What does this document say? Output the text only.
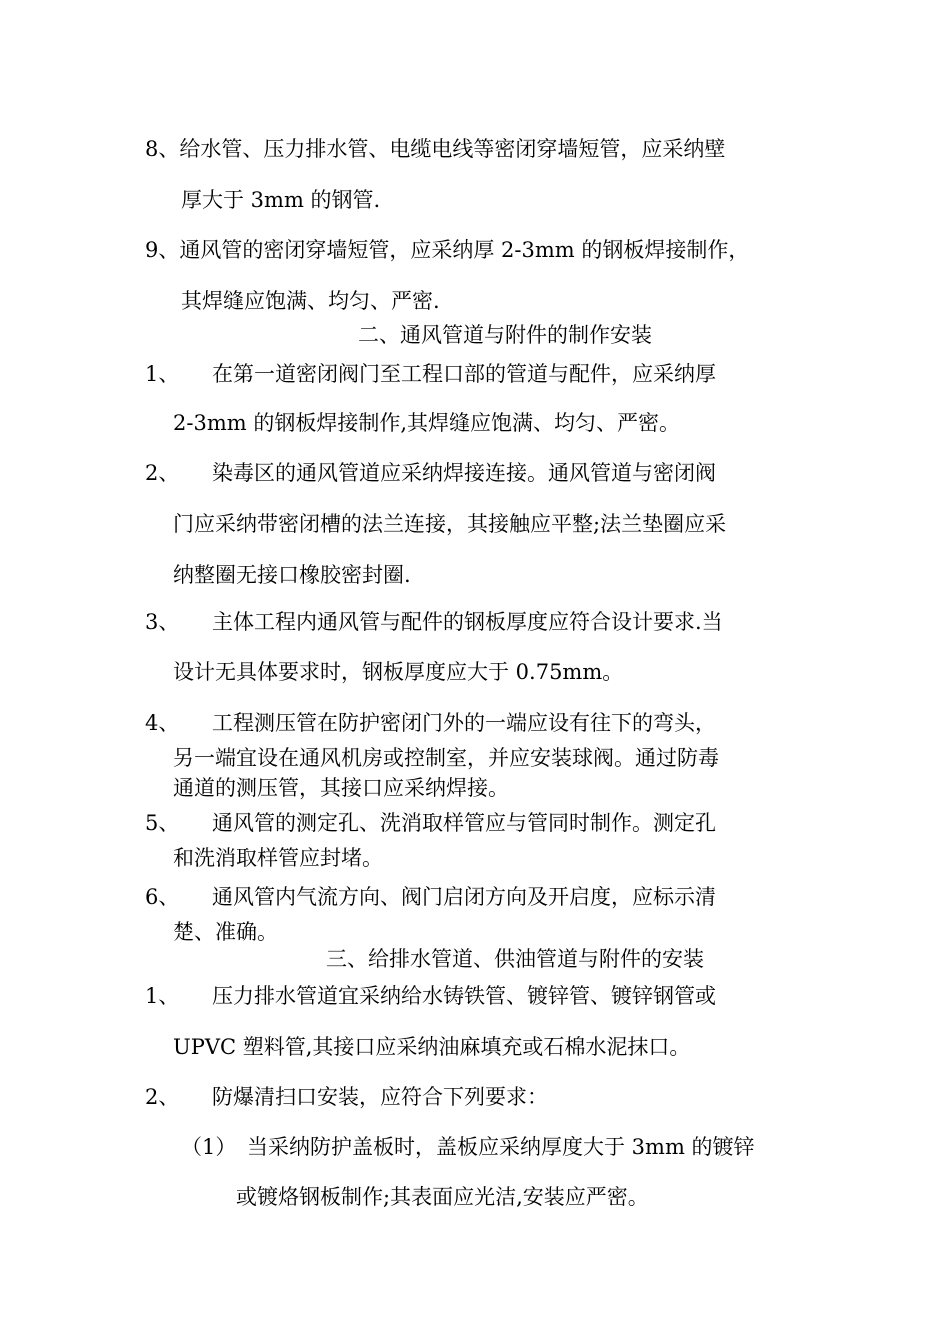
8、给水管、压力排水管、电缆电线等密闭穿墙短管，应采纳壁
厚大于 3mm 的钢管.
9、通风管的密闭穿墙短管，应采纳厚 2-3mm 的钢板焊接制作，
其焊缝应饱满、均匀、严密.
二、通风管道与附件的制作安装
1、 在第一道密闭阀门至工程口部的管道与配件，应采纳厚
2-3mm 的钢板焊接制作,其焊缝应饱满、均匀、严密。
2、 染毒区的通风管道应采纳焊接连接。通风管道与密闭阀
门应采纳带密闭槽的法兰连接，其接触应平整;法兰垫圈应采
纳整圈无接口橡胶密封圈.
3、 主体工程内通风管与配件的钢板厚度应符合设计要求.当
设计无具体要求时，钢板厚度应大于 0.75mm。
4、 工程测压管在防护密闭门外的一端应设有往下的弯头，
另一端宜设在通风机房或控制室，并应安装球阀。通过防毒
通道的测压管，其接口应采纳焊接。
5、 通风管的测定孔、洗消取样管应与管同时制作。测定孔
和洗消取样管应封堵。
6、 通风管内气流方向、阀门启闭方向及开启度，应标示清
楚、准确。
三、给排水管道、供油管道与附件的安装
1、 压力排水管道宜采纳给水铸铁管、镀锌管、镀锌钢管或
UPVC 塑料管,其接口应采纳油麻填充或石棉水泥抹口。
2、 防爆清扫口安装，应符合下列要求：
（1） 当采纳防护盖板时，盖板应采纳厚度大于 3mm 的镀锌
或镀烙钢板制作;其表面应光洁,安装应严密。
